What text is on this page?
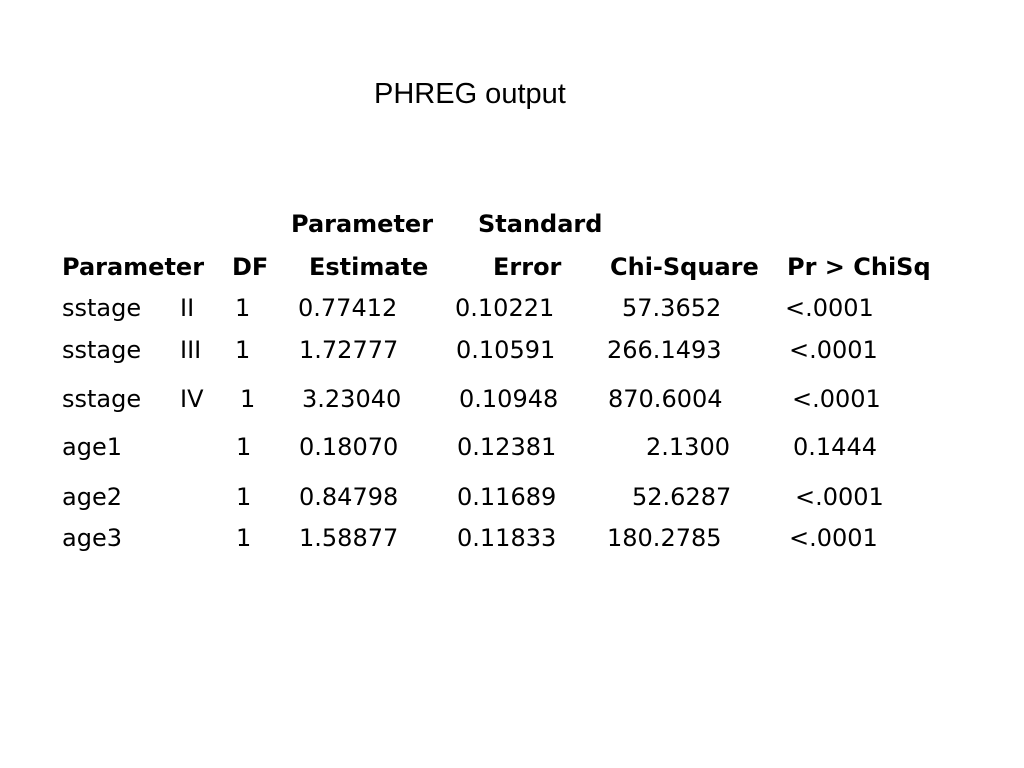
PHREG output
Parameter Standard
Parameter DF Estimate	Error Chi-Square Pr > ChiSq
sstage II 1 0.77412 0.10221	57.3652	<.0001
sstage III 1 1.72777 0.10591 266.1493	<.0001
sstage IV 1 3.23040 0.10948 870.6004	<.0001
age1	1 0.18070 0.12381	2.1300	0.1444
age2	1 0.84798 0.11689	52.6287	<.0001
age3	1 1.58877 0.11833 180.2785	<.0001
